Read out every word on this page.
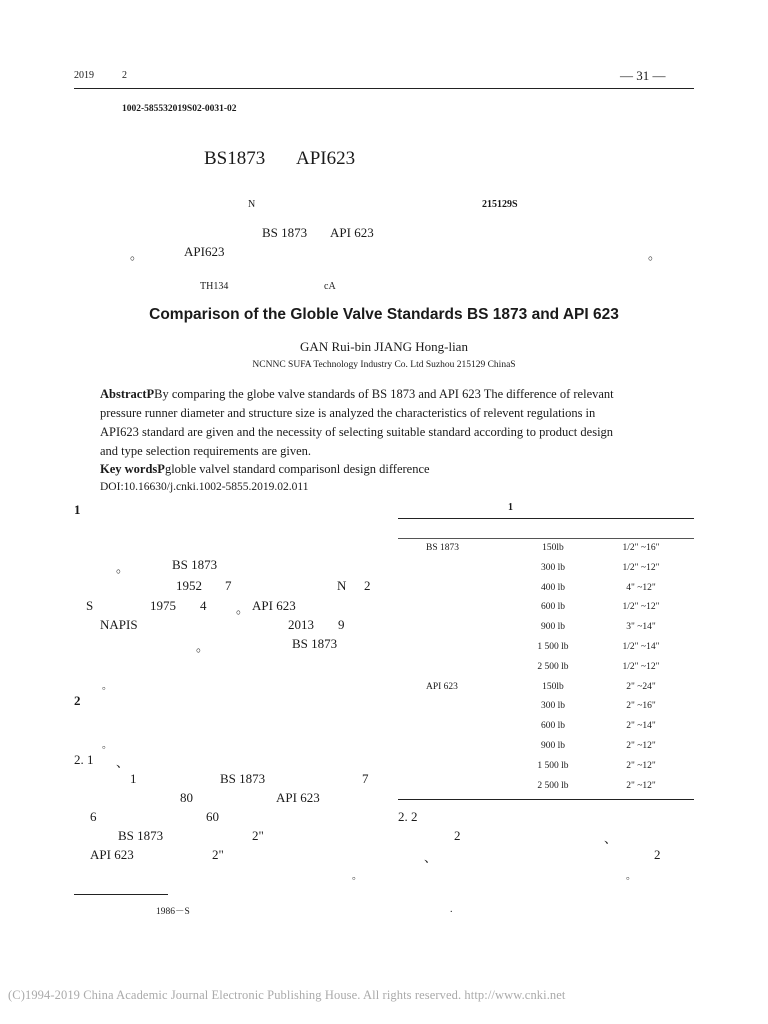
2019	2	— 31 —
1002-585532019S02-0031-02
BS1873 API623
N	215129S
BS 1873 API 623
。	API623	。
TH134	cA
Comparison of the Globle Valve Standards BS 1873 and API 623
GAN Rui-bin JIANG Hong-lian
NCNNC SUFA Technology Industry Co. Ltd Suzhou 215129 ChinaS
AbstractPBy comparing the globe valve standards of BS 1873 and API 623 The difference of relevant
pressure runner diameter and structure size is analyzed the characteristics of relevent regulations in
API623 standard are given and the necessity of selecting suitable standard according to product design
and type selection requirements are given.
Key wordsPgloble valvel standard comparisonl design difference
DOI:10.16630/j.cnki.1002-5855.2019.02.011
1
。	BS 1873
1952 7	N 2
S	1975 4 。 API 623
NAPIS	2013 9
。	BS 1873
。
2
。
2. 1 、
1	BS 1873	7
80	API 623
6	60
BS 1873	2"
API 623	2"
。
1986－S
1
BS 1873	150lb	1/2" ~16"
300 lb	1/2" ~12"
400 lb	4" ~12"
600 lb	1/2" ~12"
900 lb	3" ~14"
1 500 lb	1/2" ~14"
2 500 lb	1/2" ~12"
API 623	150lb	2" ~24"
300 lb	2" ~16"
600 lb	2" ~14"
900 lb	2" ~12"
1 500 lb	2" ~12"
2 500 lb	2" ~12"
2. 2
2	、
、	2
。
.
(C)1994-2019 China Academic Journal Electronic Publishing House. All rights reserved. http://www.cnki.net
